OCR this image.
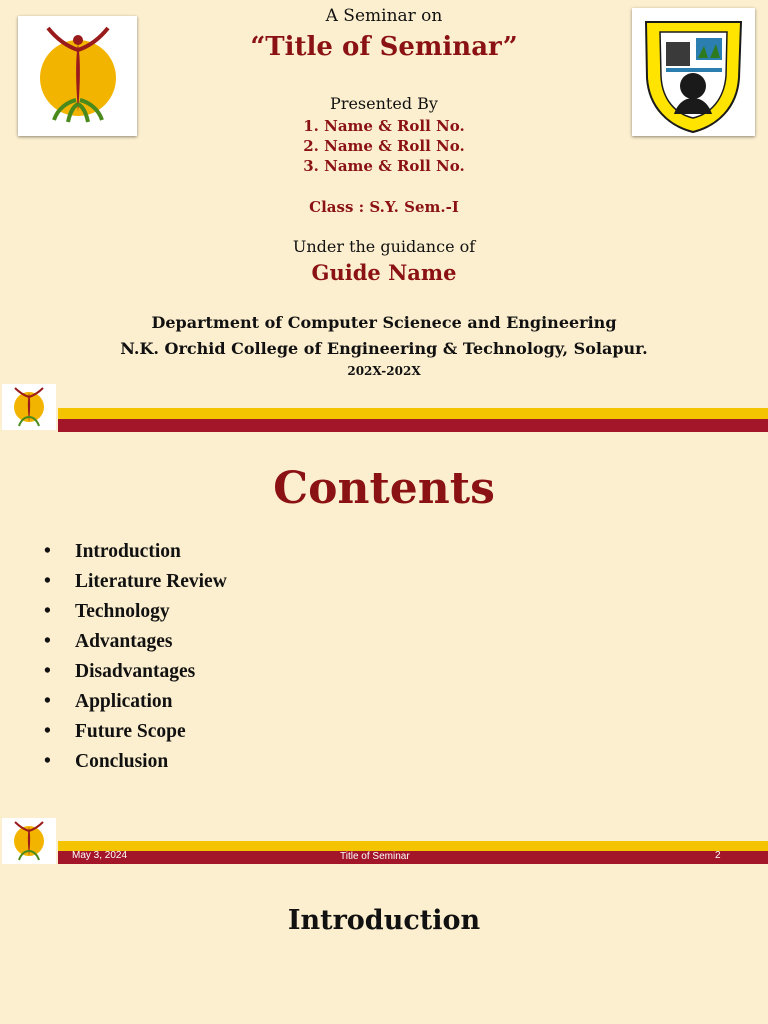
A Seminar on
“Title of Seminar”
Presented By
1. Name & Roll No.
2. Name & Roll No.
3. Name & Roll No.
Class : S.Y. Sem.-I
Under the guidance of
Guide Name
Department of Computer Scienece and Engineering
N.K. Orchid College of Engineering & Technology, Solapur.
202X-202X
Contents
• Introduction
• Literature Review
• Technology
• Advantages
• Disadvantages
• Application
• Future Scope
• Conclusion
May 3, 2024	Title of Seminar	2
Introduction
